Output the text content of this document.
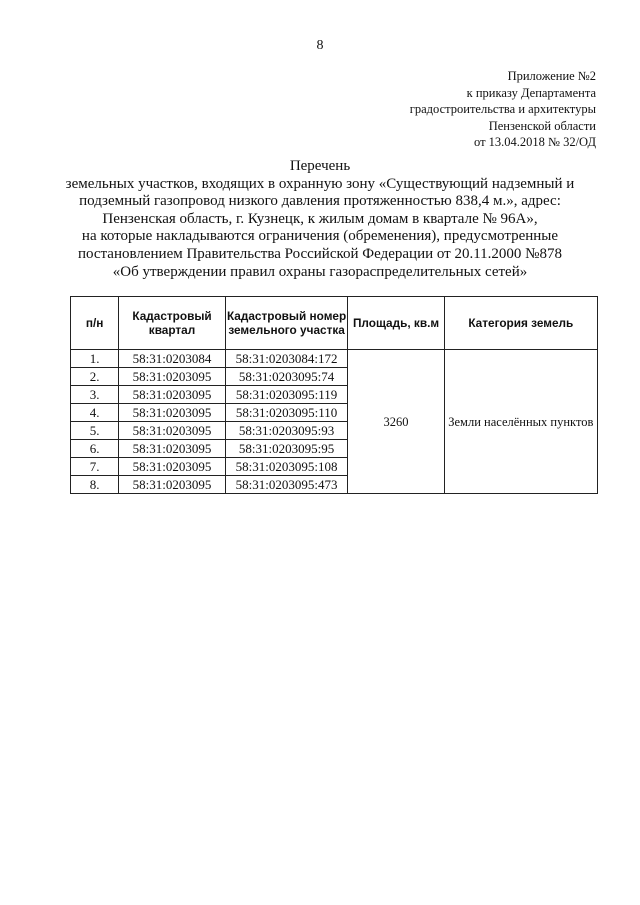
8
Приложение №2
к приказу Департамента
градостроительства и архитектуры
Пензенской области
от 13.04.2018 № 32/ОД
Перечень
земельных участков, входящих в охранную зону «Существующий надземный и
подземный газопровод низкого давления протяженностью 838,4 м.», адрес:
Пензенская область, г. Кузнецк, к жилым домам в квартале № 96А»,
на которые накладываются ограничения (обременения), предусмотренные
постановлением Правительства Российской Федерации от 20.11.2000 №878
«Об утверждении правил охраны газораспределительных сетей»
п/н	Кадастровый квартал	Кадастровый номер земельного участка	Площадь, кв.м	Категория земель
1.	58:31:0203084	58:31:0203084:172	3260	Земли населённых пунктов
2.	58:31:0203095	58:31:0203095:74		
3.	58:31:0203095	58:31:0203095:119		
4.	58:31:0203095	58:31:0203095:110		
5.	58:31:0203095	58:31:0203095:93		
6.	58:31:0203095	58:31:0203095:95		
7.	58:31:0203095	58:31:0203095:108		
8.	58:31:0203095	58:31:0203095:473		
